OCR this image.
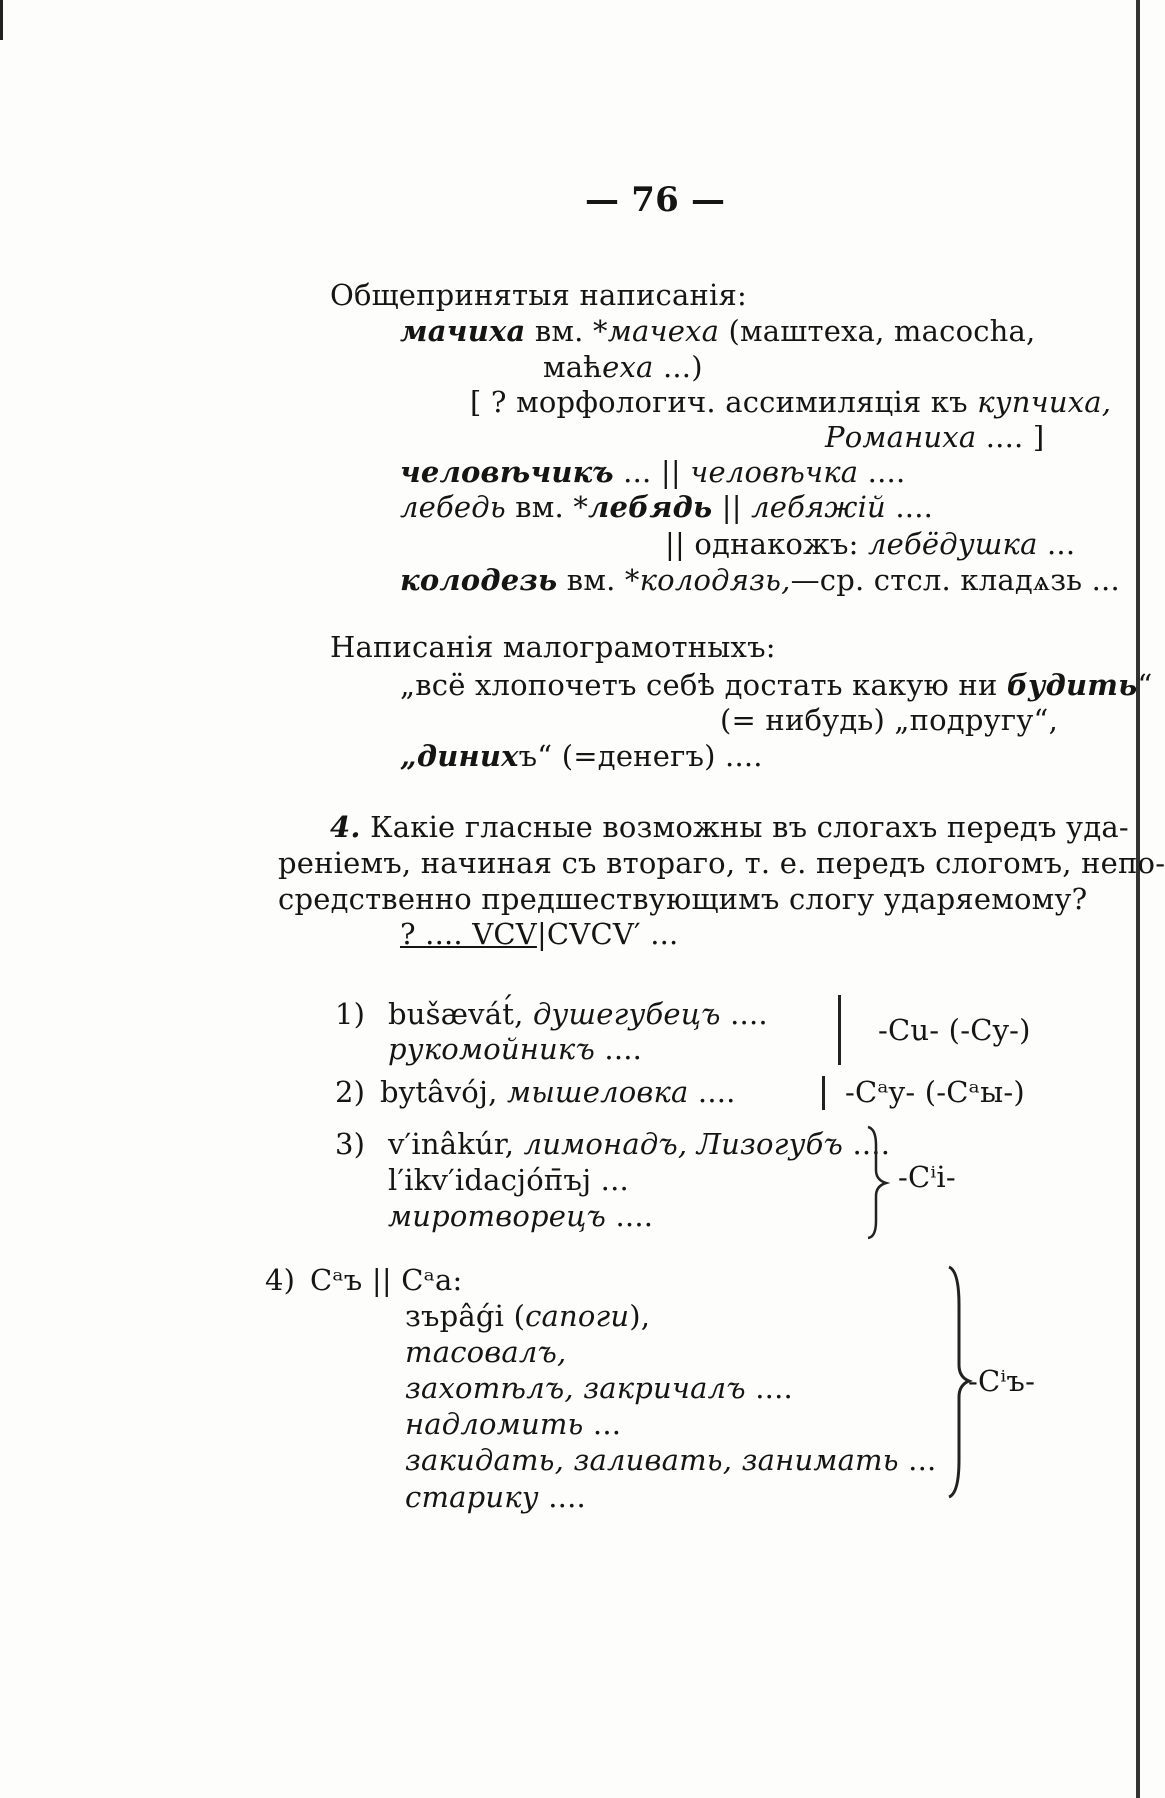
— 76 —
Общепринятыя написанія:
мачиха вм. *мачеха (маштеха, macocha,
маћеха ...)
[ ? морфологич. ассимиляція къ купчиха,
Романиха .... ]
человѣчикъ ... || человѣчка ....
лебедь вм. *лебядь || лебяжій ....
|| однакожъ: лебёдушка ...
колодезь вм. *колодязь,—ср. стсл. кладѧзь ...
Написанія малограмотныхъ:
„всё хлопочетъ себѣ достать какую ни будить“
(= нибудь) „подругу“,
„динихъ“ (=денегъ) ....
4. Какіе гласные возможны въ слогахъ передъ уда-
реніемъ, начиная съ втораго, т. е. передъ слогомъ, непо-
средственно предшествующимъ слогу ударяемому?
? .... VCV|CVCV′ ...
1) bušævát́, душегубецъ ....
рукомойникъ ....
-Cu- (-Cy-)
2) bytâvój, мышеловка ....	-Cᵃy- (-Cᵃы-)
3) v′inâkúr, лимонадъ, Лизогубъ ....
l′ikv′idacjóп̄ъj ...
миротворецъ ....
-Cⁱi-
4) Cᵃъ || Cᵃa:
зъpâǵi (сапоги),
тасовалъ,
захотѣлъ, закричалъ ....
надломить ...
закидать, заливать, занимать ...
старику ....
-Cⁱъ-
